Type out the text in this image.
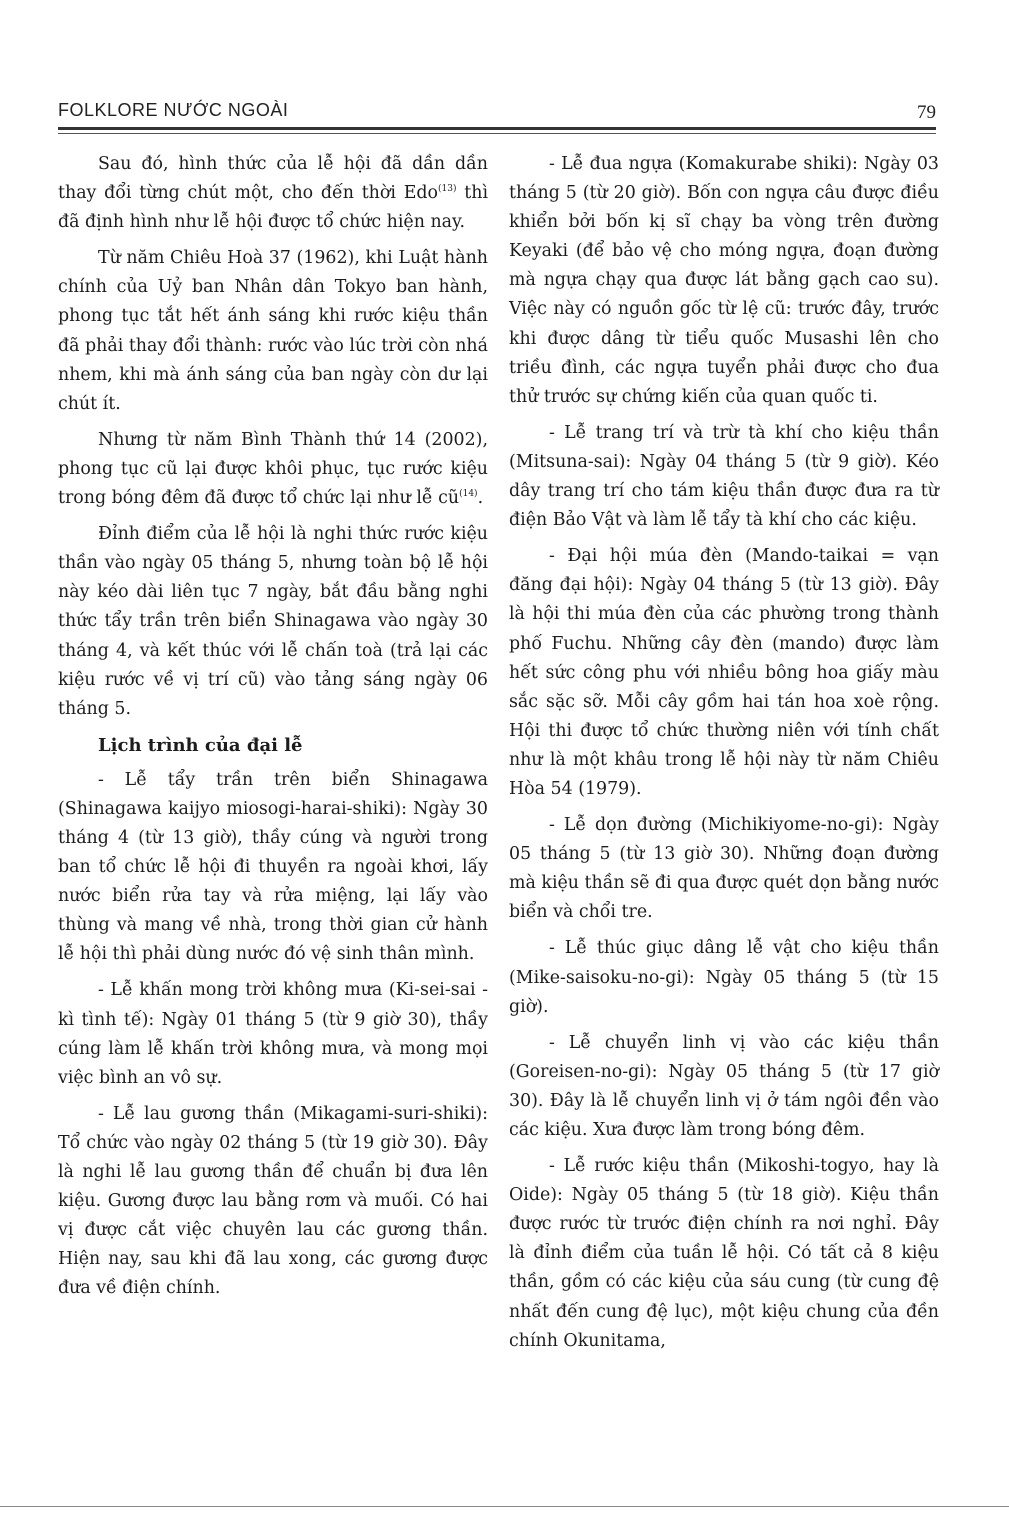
FOLKLORE NƯỚC NGOÀI	79

Sau đó, hình thức của lễ hội đã dần dần thay đổi từng chút một, cho đến thời Edo$^{(13)}$ thì đã định hình như lễ hội được tổ chức hiện nay.

Từ năm Chiêu Hoà 37 (1962), khi Luật hành chính của Uỷ ban Nhân dân Tokyo ban hành, phong tục tắt hết ánh sáng khi rước kiệu thần đã phải thay đổi thành: rước vào lúc trời còn nhá nhem, khi mà ánh sáng của ban ngày còn dư lại chút ít.

Nhưng từ năm Bình Thành thứ 14 (2002), phong tục cũ lại được khôi phục, tục rước kiệu trong bóng đêm đã được tổ chức lại như lễ $cũ^{(14)}$.

Đỉnh điểm của lễ hội là nghi thức rước kiệu thần vào ngày 05 tháng 5, nhưng toàn bộ lễ hội này kéo dài liên tục 7 ngày, bắt đầu bằng nghi thức tẩy trần trên biển Shinagawa vào ngày 30 tháng 4, và kết thúc với lễ chấn toà (trả lại các kiệu rước về vị trí cũ) vào tảng sáng ngày 06 tháng 5.

Lịch trình của đại lễ

- Lễ tẩy trần trên biển Shinagawa (Shinagawa kaijyo miosogi-harai-shiki): Ngày 30 tháng 4 (từ 13 giờ), thầy cúng và người trong ban tổ chức lễ hội đi thuyền ra ngoài khơi, lấy nước biển rửa tay và rửa miệng, lại lấy vào thùng và mang về nhà, trong thời gian cử hành lễ hội thì phải dùng nước đó vệ sinh thân mình.

- Lễ khấn mong trời không mưa (Ki-sei-sai - kì tình tế): Ngày 01 tháng 5 (từ 9 giờ 30), thầy cúng làm lễ khấn trời không mưa, và mong mọi việc bình an vô sự.

- Lễ lau gương thần (Mikagami-suri-shiki): Tổ chức vào ngày 02 tháng 5 (từ 19 giờ 30). Đây là nghi lễ lau gương thần để chuẩn bị đưa lên kiệu. Gương được lau bằng rơm và muối. Có hai vị được cắt việc chuyên lau các gương thần. Hiện nay, sau khi đã lau xong, các gương được đưa về điện chính.

- Lễ đua ngựa (Komakurabe shiki): Ngày 03 tháng 5 (từ 20 giờ). Bốn con ngựa câu được điều khiển bởi bốn kị sĩ chạy ba vòng trên đường Keyaki (để bảo vệ cho móng ngựa, đoạn đường mà ngựa chạy qua được lát bằng gạch cao su). Việc này có nguồn gốc từ lệ cũ: trước đây, trước khi được dâng từ tiểu quốc Musashi lên cho triều đình, các ngựa tuyển phải được cho đua thử trước sự chứng kiến của quan quốc ti.

- Lễ trang trí và trừ tà khí cho kiệu thần (Mitsuna-sai): Ngày 04 tháng 5 (từ 9 giờ). Kéo dây trang trí cho tám kiệu thần được đưa ra từ điện Bảo Vật và làm lễ tẩy tà khí cho các kiệu.

- Đại hội múa đèn (Mando-taikai = vạn đăng đại hội): Ngày 04 tháng 5 (từ 13 giờ). Đây là hội thi múa đèn của các phường trong thành phố Fuchu. Những cây đèn (mando) được làm hết sức công phu với nhiều bông hoa giấy màu sắc sặc sỡ. Mỗi cây gồm hai tán hoa xoè rộng. Hội thi được tổ chức thường niên với tính chất như là một khâu trong lễ hội này từ năm Chiêu Hòa 54 (1979).

- Lễ dọn đường (Michikiyome-no-gi): Ngày 05 tháng 5 (từ 13 giờ 30). Những đoạn đường mà kiệu thần sẽ đi qua được quét dọn bằng nước biển và chổi tre.

- Lễ thúc giục dâng lễ vật cho kiệu thần (Mike-saisoku-no-gi): Ngày 05 tháng 5 (từ 15 giờ).

- Lễ chuyển linh vị vào các kiệu thần (Goreisen-no-gi): Ngày 05 tháng 5 (từ 17 giờ 30). Đây là lễ chuyển linh vị ở tám ngôi đền vào các kiệu. Xưa được làm trong bóng đêm.

- Lễ rước kiệu thần (Mikoshi-togyo, hay là Oide): Ngày 05 tháng 5 (từ 18 giờ). Kiệu thần được rước từ trước điện chính ra nơi nghỉ. Đây là đỉnh điểm của tuần lễ hội. Có tất cả 8 kiệu thần, gồm có các kiệu của sáu cung (từ cung đệ nhất đến cung đệ lục), một kiệu chung của đền chính Okunitama,
